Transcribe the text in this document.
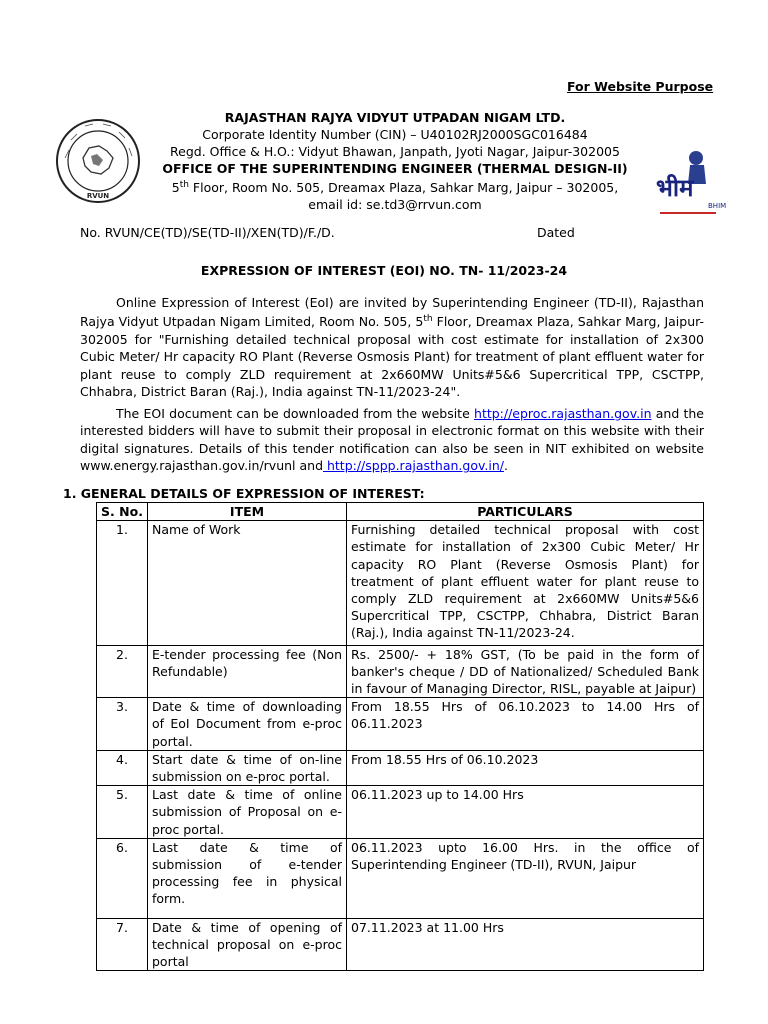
For Website Purpose
RVUN	भीम
BHIM
RAJASTHAN RAJYA VIDYUT UTPADAN NIGAM LTD.
Corporate Identity Number (CIN) – U40102RJ2000SGC016484
Regd. Office & H.O.: Vidyut Bhawan, Janpath, Jyoti Nagar, Jaipur-302005
OFFICE OF THE SUPERINTENDING ENGINEER (THERMAL DESIGN-II)
5th Floor, Room No. 505, Dreamax Plaza, Sahkar Marg, Jaipur – 302005,
email id: se.td3@rrvun.com
No. RVUN/CE(TD)/SE(TD-II)/XEN(TD)/F./D.	Dated
EXPRESSION OF INTEREST (EOI) NO. TN- 11/2023-24
Online Expression of Interest (EoI) are invited by Superintending Engineer (TD-II), Rajasthan Rajya Vidyut Utpadan Nigam Limited, Room No. 505, 5th Floor, Dreamax Plaza, Sahkar Marg, Jaipur-302005 for "Furnishing detailed technical proposal with cost estimate for installation of 2x300 Cubic Meter/ Hr capacity RO Plant (Reverse Osmosis Plant) for treatment of plant effluent water for plant reuse to comply ZLD requirement at 2x660MW Units#5&6 Supercritical TPP, CSCTPP, Chhabra, District Baran (Raj.), India against TN-11/2023-24".
The EOI document can be downloaded from the website http://eproc.rajasthan.gov.in and the interested bidders will have to submit their proposal in electronic format on this website with their digital signatures. Details of this tender notification can also be seen in NIT exhibited on website www.energy.rajasthan.gov.in/rvunl and http://sppp.rajasthan.gov.in/.
1. GENERAL DETAILS OF EXPRESSION OF INTEREST:
S. No.	ITEM	PARTICULARS
1.	Name of Work	Furnishing detailed technical proposal with cost estimate for installation of 2x300 Cubic Meter/ Hr capacity RO Plant (Reverse Osmosis Plant) for treatment of plant effluent water for plant reuse to comply ZLD requirement at 2x660MW Units#5&6 Supercritical TPP, CSCTPP, Chhabra, District Baran (Raj.), India against TN-11/2023-24.
2.	E-tender processing fee (Non Refundable)	Rs. 2500/- + 18% GST, (To be paid in the form of banker's cheque / DD of Nationalized/ Scheduled Bank in favour of Managing Director, RISL, payable at Jaipur)
3.	Date & time of downloading of EoI Document from e-proc portal.	From 18.55 Hrs of 06.10.2023 to 14.00 Hrs of 06.11.2023
4.	Start date & time of on-line submission on e-proc portal.	From 18.55 Hrs of 06.10.2023
5.	Last date & time of online submission of Proposal on e-proc portal.	06.11.2023 up to 14.00 Hrs
6.	Last date & time of submission of e-tender processing fee in physical form.	06.11.2023 upto 16.00 Hrs. in the office of Superintending Engineer (TD-II), RVUN, Jaipur
7.	Date & time of opening of technical proposal on e-proc portal	07.11.2023 at 11.00 Hrs
